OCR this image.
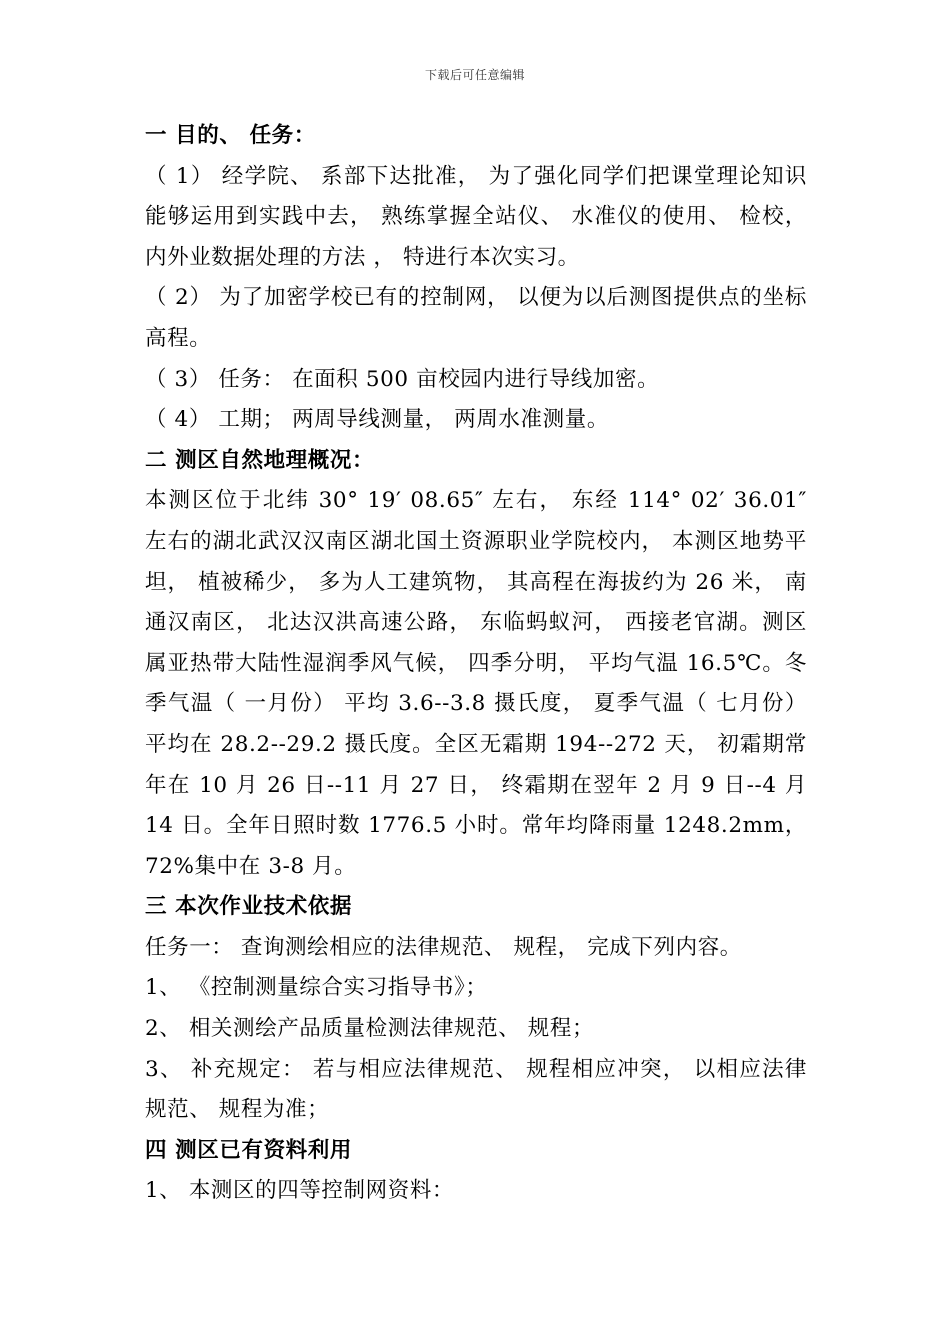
下载后可任意编辑
一 目的、 任务：

（ 1） 经学院、 系部下达批准， 为了强化同学们把课堂理论知识能够运用到实践中去， 熟练掌握全站仪、 水准仪的使用、 检校， 内外业数据处理的方法 ， 特进行本次实习。

（ 2） 为了加密学校已有的控制网， 以便为以后测图提供点的坐标高程。

（ 3） 任务： 在面积 500 亩校园内进行导线加密。

（ 4） 工期； 两周导线测量， 两周水准测量。

二 测区自然地理概况：

本测区位于北纬 30° 19′ 08.65″ 左右， 东经 114° 02′ 36.01″ 左右的湖北武汉汉南区湖北国土资源职业学院校内， 本测区地势平坦， 植被稀少， 多为人工建筑物， 其高程在海拔约为 26 米， 南通汉南区， 北达汉洪高速公路， 东临蚂蚁河， 西接老官湖。测区属亚热带大陆性湿润季风气候， 四季分明， 平均气温 16.5℃。冬季气温（ 一月份） 平均 3.6--3.8 摄氏度， 夏季气温（ 七月份） 平均在 28.2--29.2 摄氏度。全区无霜期 194--272 天， 初霜期常年在 10 月 26 日--11 月 27 日， 终霜期在翌年 2 月 9 日--4 月 14 日。全年日照时数 1776.5 小时。常年均降雨量 1248.2mm， 72%集中在 3-8 月。

三 本次作业技术依据

任务一： 查询测绘相应的法律规范、 规程， 完成下列内容。

1、 《控制测量综合实习指导书》；

2、 相关测绘产品质量检测法律规范、 规程；

3、 补充规定： 若与相应法律规范、 规程相应冲突， 以相应法律规范、 规程为准；

四 测区已有资料利用

1、 本测区的四等控制网资料：
